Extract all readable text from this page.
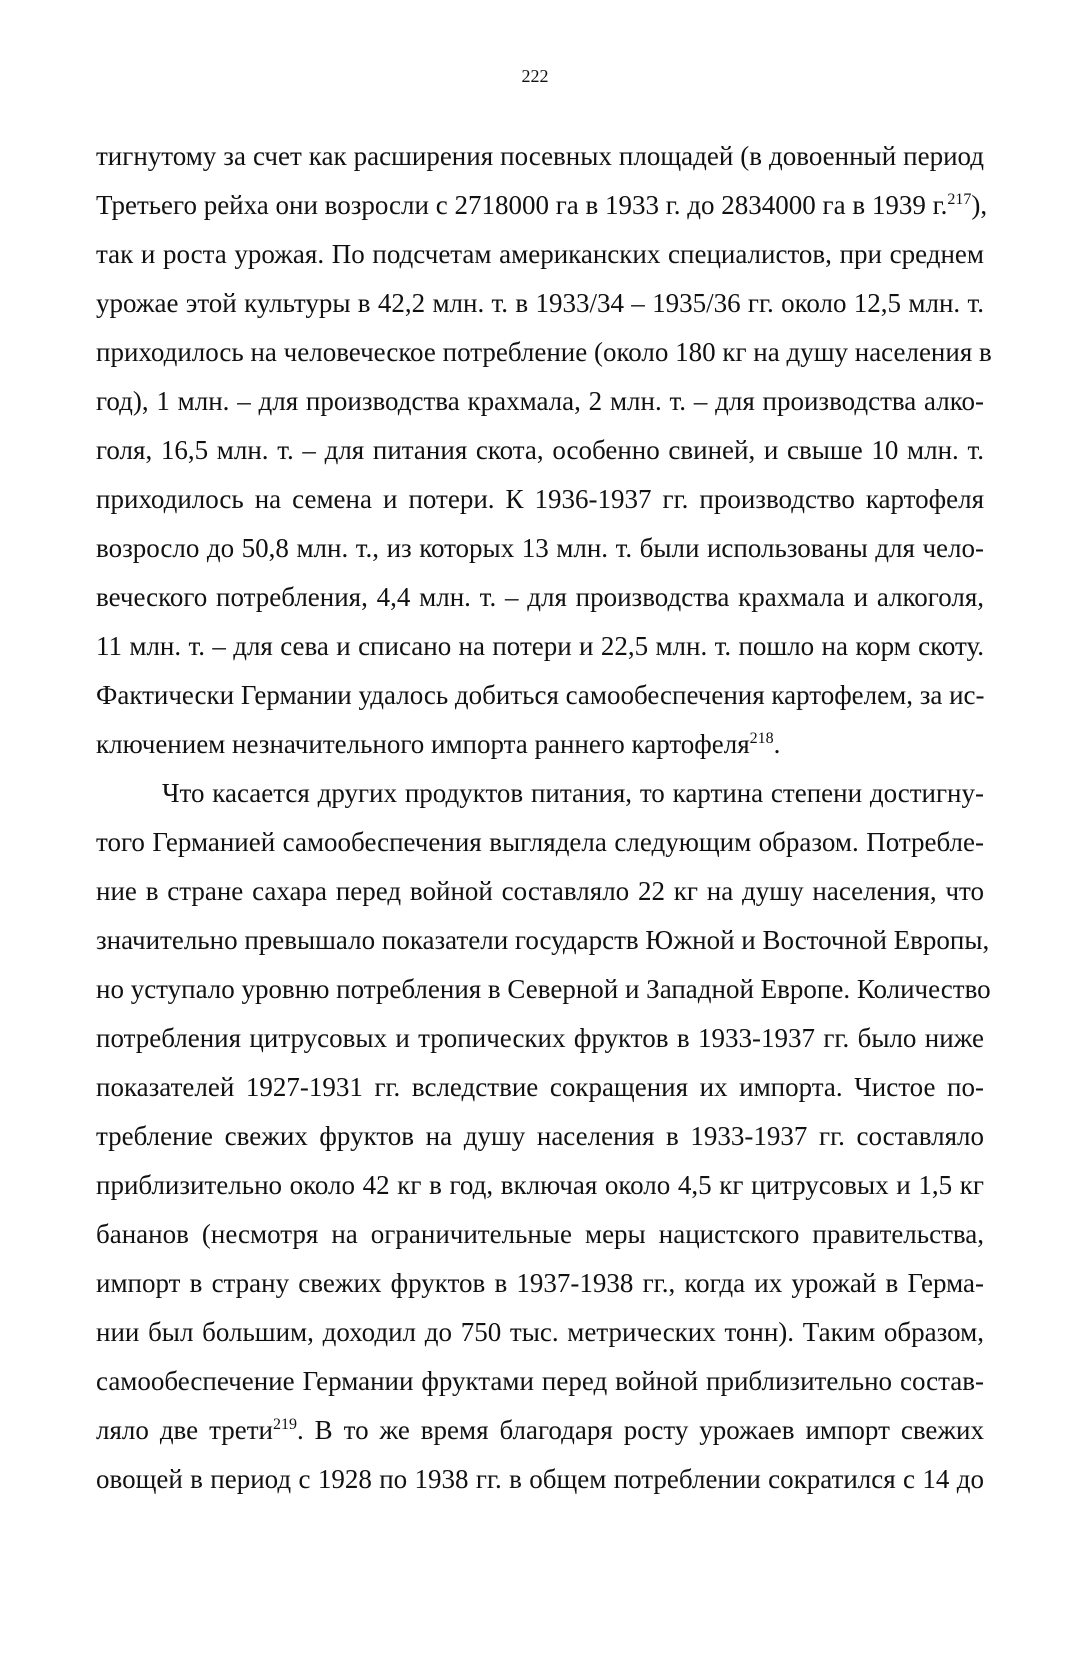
222
тигнутому за счет как расширения посевных площадей (в довоенный период
Третьего рейха они возросли с 2718000 га в 1933 г. до 2834000 га в 1939 г.$^{217}$),
так и роста урожая. По подсчетам американских специалистов, при среднем
урожае этой культуры в 42,2 млн. т. в 1933/34 – 1935/36 гг. около 12,5 млн. т.
приходилось на человеческое потребление (около 180 кг на душу населения в
год), 1 млн. – для производства крахмала, 2 млн. т. – для производства алко-
голя, 16,5 млн. т. – для питания скота, особенно свиней, и свыше 10 млн. т.
приходилось на семена и потери. К 1936-1937 гг. производство картофеля
возросло до 50,8 млн. т., из которых 13 млн. т. были использованы для чело-
веческого потребления, 4,4 млн. т. – для производства крахмала и алкоголя,
11 млн. т. – для сева и списано на потери и 22,5 млн. т. пошло на корм скоту.
Фактически Германии удалось добиться самообеспечения картофелем, за ис-
ключением незначительного импорта раннего картофеля$^{218}$.
Что касается других продуктов питания, то картина степени достигну-
того Германией самообеспечения выглядела следующим образом. Потребле-
ние в стране сахара перед войной составляло 22 кг на душу населения, что
значительно превышало показатели государств Южной и Восточной Европы,
но уступало уровню потребления в Северной и Западной Европе. Количество
потребления цитрусовых и тропических фруктов в 1933-1937 гг. было ниже
показателей 1927-1931 гг. вследствие сокращения их импорта. Чистое по-
требление свежих фруктов на душу населения в 1933-1937 гг. составляло
приблизительно около 42 кг в год, включая около 4,5 кг цитрусовых и 1,5 кг
бананов (несмотря на ограничительные меры нацистского правительства,
импорт в страну свежих фруктов в 1937-1938 гг., когда их урожай в Герма-
нии был большим, доходил до 750 тыс. метрических тонн). Таким образом,
самообеспечение Германии фруктами перед войной приблизительно состав-
ляло две трети$^{219}$. В то же время благодаря росту урожаев импорт свежих
овощей в период с 1928 по 1938 гг. в общем потреблении сократился с 14 до
